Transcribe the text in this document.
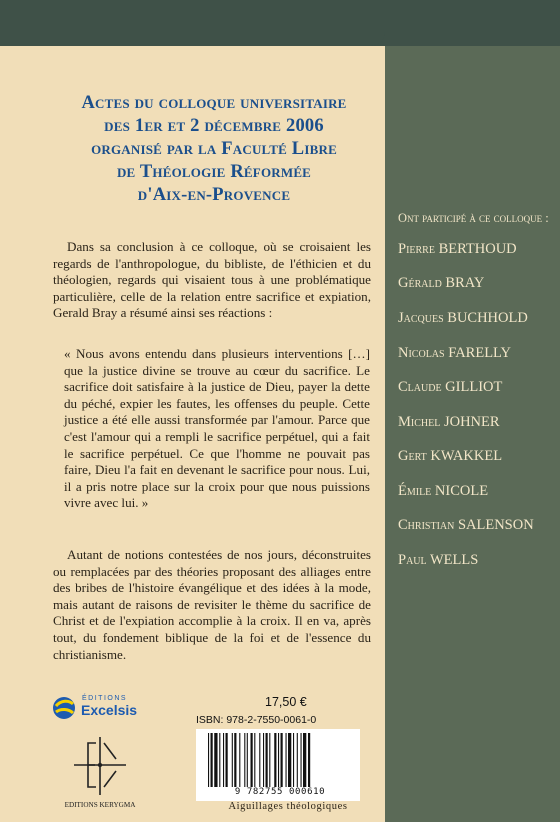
Actes du colloque universitaire
des 1er et 2 décembre 2006
organisé par la Faculté Libre
de Théologie Réformée
d'Aix-en-Provence
Dans sa conclusion à ce colloque, où se croisaient les regards de l'anthropologue, du bibliste, de l'éthicien et du théologien, regards qui visaient tous à une problématique particulière, celle de la relation entre sacrifice et expiation, Gerald Bray a résumé ainsi ses réactions :
« Nous avons entendu dans plusieurs interventions […] que la justice divine se trouve au cœur du sacrifice. Le sacrifice doit satisfaire à la justice de Dieu, payer la dette du péché, expier les fautes, les offenses du peuple. Cette justice a été elle aussi transformée par l'amour. Parce que c'est l'amour qui a rempli le sacrifice perpétuel, qui a fait le sacrifice perpétuel. Ce que l'homme ne pouvait pas faire, Dieu l'a fait en devenant le sacrifice pour nous. Lui, il a pris notre place sur la croix pour que nous puissions vivre avec lui. »
Autant de notions contestées de nos jours, déconstruites ou remplacées par des théories proposant des alliages entre des bribes de l'histoire évangélique et des idées à la mode, mais autant de raisons de revisiter le thème du sacrifice de Christ et de l'expiation accomplie à la croix. Il en va, après tout, du fondement biblique de la foi et de l'essence du christianisme.
Ont participé à ce colloque :
Pierre BERTHOUD
Gérald BRAY
Jacques BUCHHOLD
Nicolas FARELLY
Claude GILLIOT
Michel JOHNER
Gert KWAKKEL
Émile NICOLE
Christian SALENSON
Paul WELLS
ÉDITIONS
Excelsis
EDITIONS KERYGMA
17,50 €
ISBN: 978-2-7550-0061-0
9 782755 000610
Aiguillages théologiques
